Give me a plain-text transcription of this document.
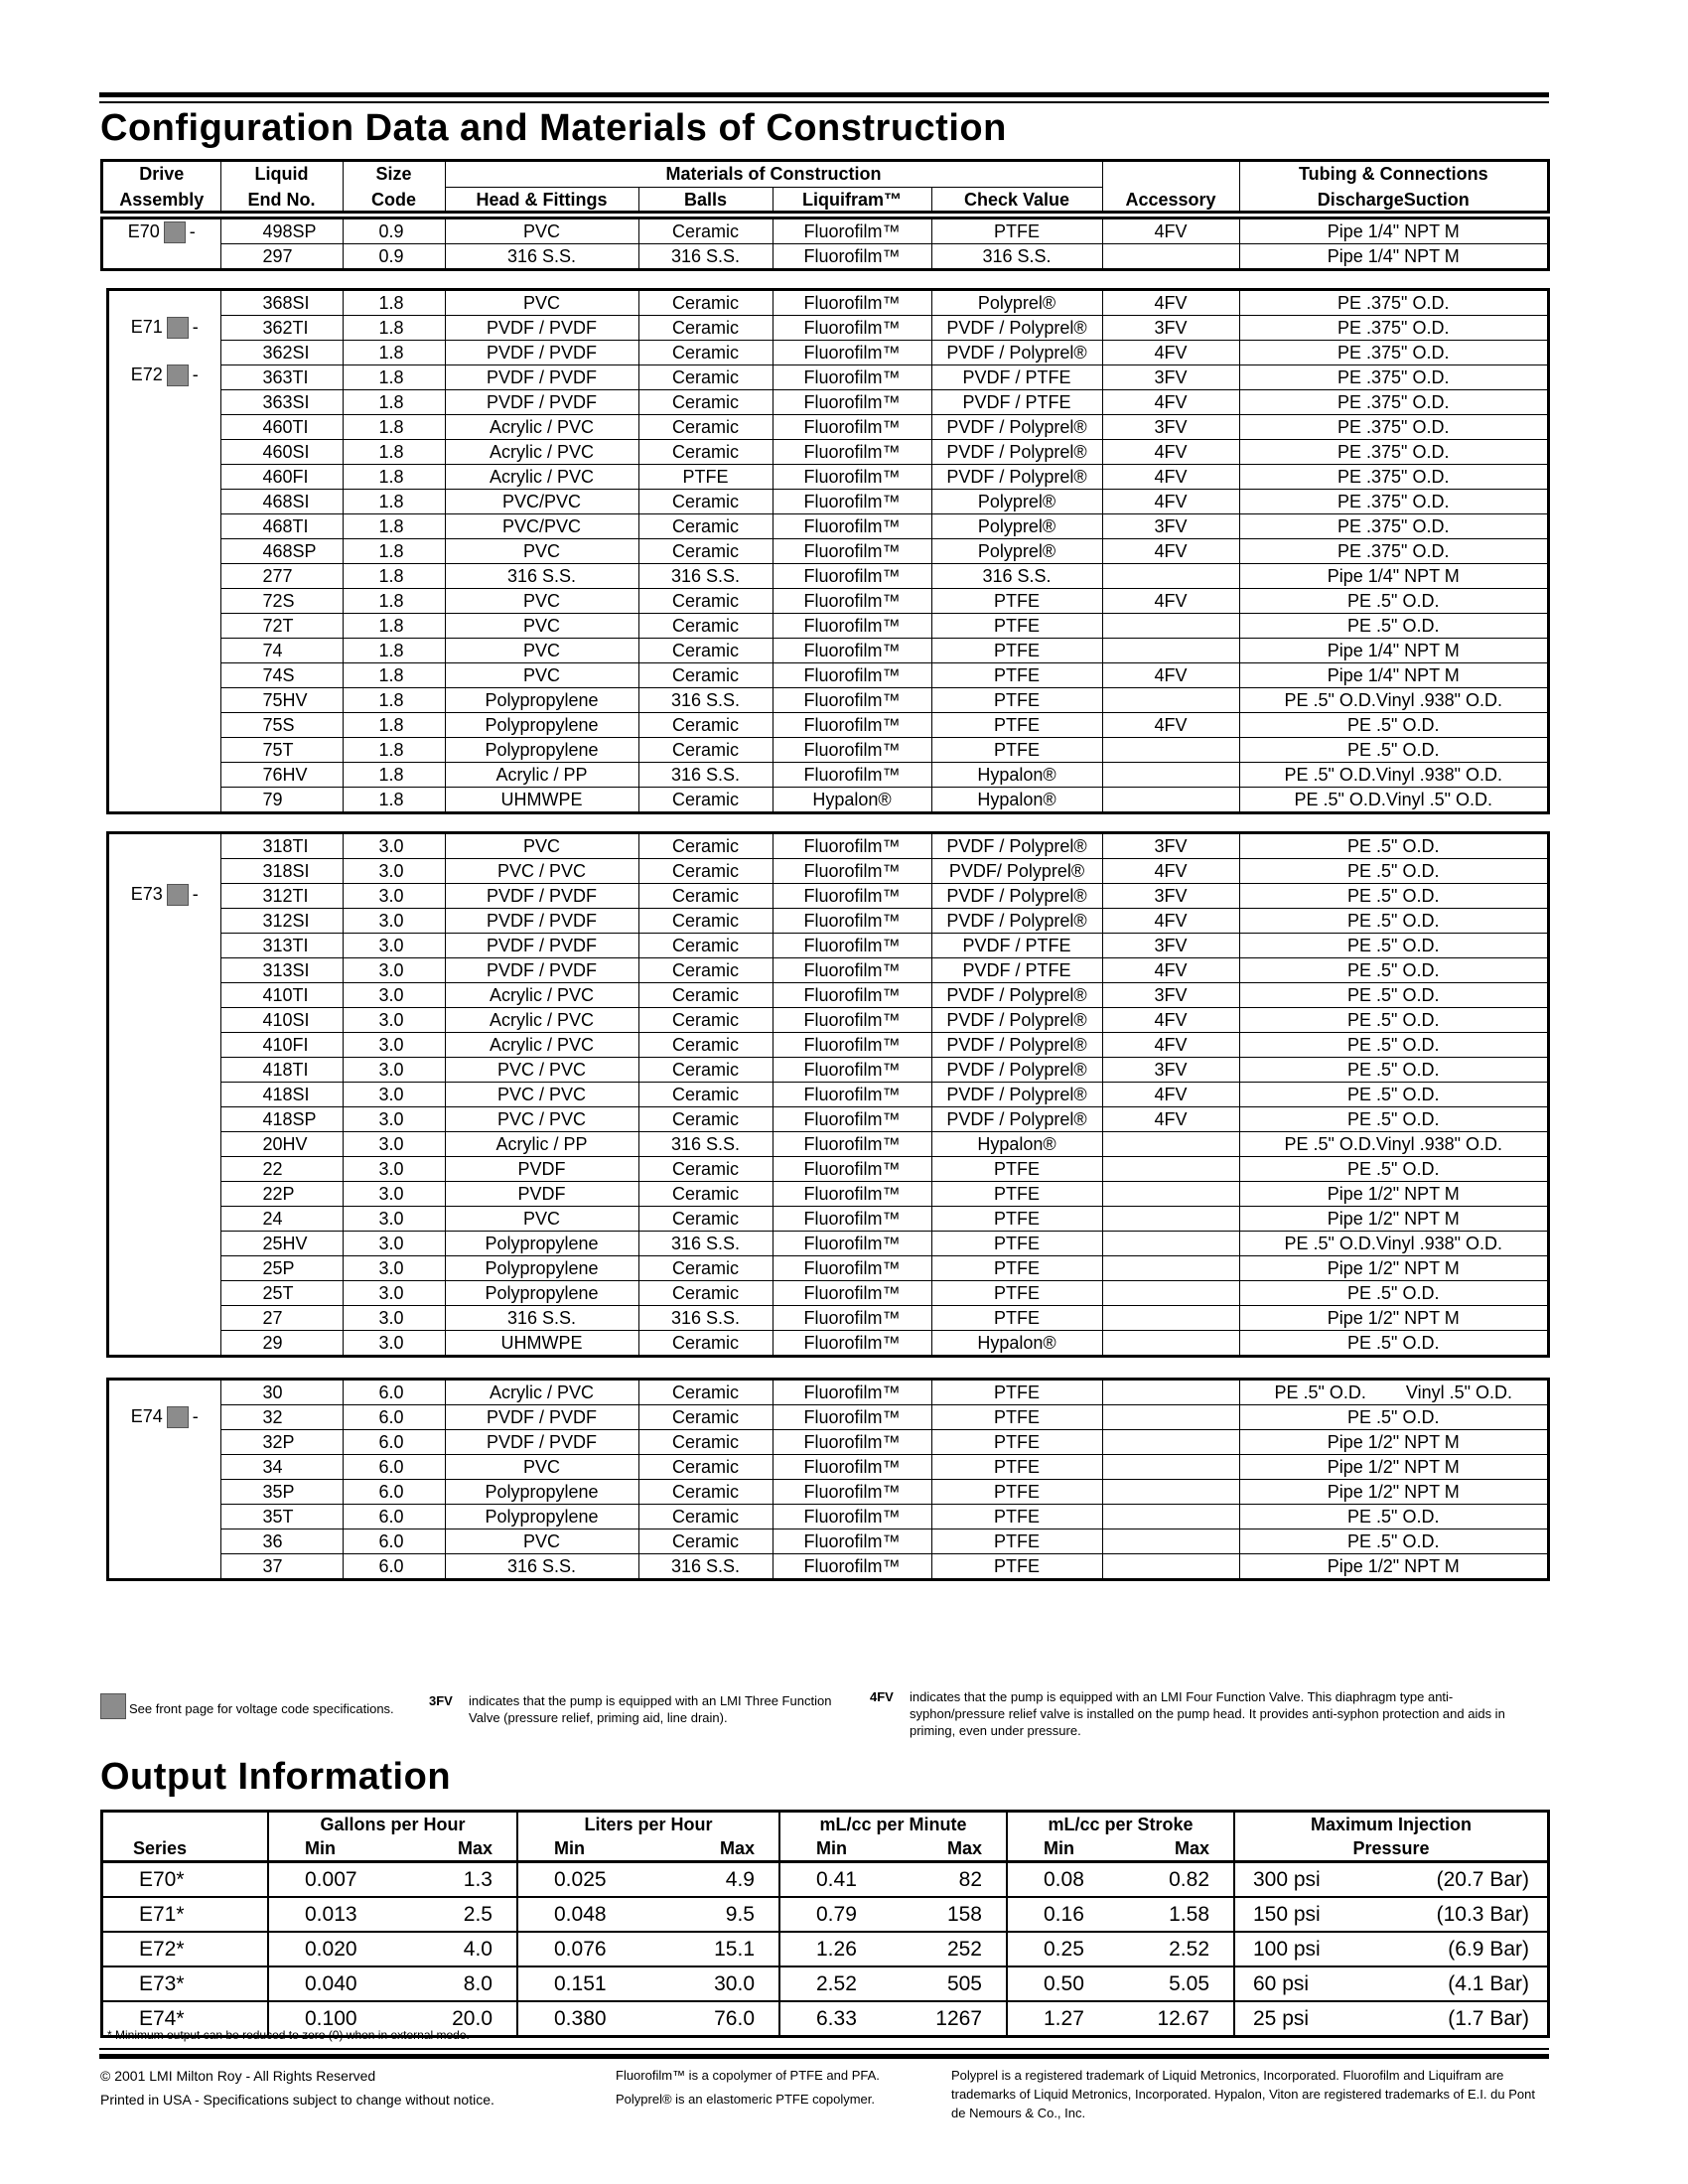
Configuration Data and Materials of Construction
Drive	Liquid	Size	Materials of Construction					Tubing & Connections
Assembly	End No.	Code	Head & Fittings	Balls	Liquifram™	Check Value	Accessory	DischargeSuction
E70 -	498SP	0.9	PVC	Ceramic	Fluorofilm™	PTFE	4FV	Pipe 1/4" NPT M
	297	0.9	316 S.S.	316 S.S.	Fluorofilm™	316 S.S.		Pipe 1/4" NPT M
E71 -
E72 -	368SI	1.8	PVC	Ceramic	Fluorofilm™	Polyprel®	4FV	PE .375" O.D.
	362TI	1.8	PVDF / PVDF	Ceramic	Fluorofilm™	PVDF / Polyprel®	3FV	PE .375" O.D.
	362SI	1.8	PVDF / PVDF	Ceramic	Fluorofilm™	PVDF / Polyprel®	4FV	PE .375" O.D.
	363TI	1.8	PVDF / PVDF	Ceramic	Fluorofilm™	PVDF / PTFE	3FV	PE .375" O.D.
	363SI	1.8	PVDF / PVDF	Ceramic	Fluorofilm™	PVDF / PTFE	4FV	PE .375" O.D.
	460TI	1.8	Acrylic / PVC	Ceramic	Fluorofilm™	PVDF / Polyprel®	3FV	PE .375" O.D.
	460SI	1.8	Acrylic / PVC	Ceramic	Fluorofilm™	PVDF / Polyprel®	4FV	PE .375" O.D.
	460FI	1.8	Acrylic / PVC	PTFE	Fluorofilm™	PVDF / Polyprel®	4FV	PE .375" O.D.
	468SI	1.8	PVC/PVC	Ceramic	Fluorofilm™	Polyprel®	4FV	PE .375" O.D.
	468TI	1.8	PVC/PVC	Ceramic	Fluorofilm™	Polyprel®	3FV	PE .375" O.D.
	468SP	1.8	PVC	Ceramic	Fluorofilm™	Polyprel®	4FV	PE .375" O.D.
	277	1.8	316 S.S.	316 S.S.	Fluorofilm™	316 S.S.		Pipe 1/4" NPT M
	72S	1.8	PVC	Ceramic	Fluorofilm™	PTFE	4FV	PE .5" O.D.
	72T	1.8	PVC	Ceramic	Fluorofilm™	PTFE		PE .5" O.D.
	74	1.8	PVC	Ceramic	Fluorofilm™	PTFE		Pipe 1/4" NPT M
	74S	1.8	PVC	Ceramic	Fluorofilm™	PTFE	4FV	Pipe 1/4" NPT M
	75HV	1.8	Polypropylene	316 S.S.	Fluorofilm™	PTFE		PE .5" O.D.Vinyl .938" O.D.
	75S	1.8	Polypropylene	Ceramic	Fluorofilm™	PTFE	4FV	PE .5" O.D.
	75T	1.8	Polypropylene	Ceramic	Fluorofilm™	PTFE		PE .5" O.D.
	76HV	1.8	Acrylic / PP	316 S.S.	Fluorofilm™	Hypalon®		PE .5" O.D.Vinyl .938" O.D.
	79	1.8	UHMWPE	Ceramic	Hypalon®	Hypalon®		PE .5" O.D.Vinyl .5" O.D.
E73 -	318TI	3.0	PVC	Ceramic	Fluorofilm™	PVDF / Polyprel®	3FV	PE .5" O.D.
	318SI	3.0	PVC / PVC	Ceramic	Fluorofilm™	PVDF/ Polyprel®	4FV	PE .5" O.D.
	312TI	3.0	PVDF / PVDF	Ceramic	Fluorofilm™	PVDF / Polyprel®	3FV	PE .5" O.D.
	312SI	3.0	PVDF / PVDF	Ceramic	Fluorofilm™	PVDF / Polyprel®	4FV	PE .5" O.D.
	313TI	3.0	PVDF / PVDF	Ceramic	Fluorofilm™	PVDF / PTFE	3FV	PE .5" O.D.
	313SI	3.0	PVDF / PVDF	Ceramic	Fluorofilm™	PVDF / PTFE	4FV	PE .5" O.D.
	410TI	3.0	Acrylic / PVC	Ceramic	Fluorofilm™	PVDF / Polyprel®	3FV	PE .5" O.D.
	410SI	3.0	Acrylic / PVC	Ceramic	Fluorofilm™	PVDF / Polyprel®	4FV	PE .5" O.D.
	410FI	3.0	Acrylic / PVC	Ceramic	Fluorofilm™	PVDF / Polyprel®	4FV	PE .5" O.D.
	418TI	3.0	PVC / PVC	Ceramic	Fluorofilm™	PVDF / Polyprel®	3FV	PE .5" O.D.
	418SI	3.0	PVC / PVC	Ceramic	Fluorofilm™	PVDF / Polyprel®	4FV	PE .5" O.D.
	418SP	3.0	PVC / PVC	Ceramic	Fluorofilm™	PVDF / Polyprel®	4FV	PE .5" O.D.
	20HV	3.0	Acrylic / PP	316 S.S.	Fluorofilm™	Hypalon®		PE .5" O.D.Vinyl .938" O.D.
	22	3.0	PVDF	Ceramic	Fluorofilm™	PTFE		PE .5" O.D.
	22P	3.0	PVDF	Ceramic	Fluorofilm™	PTFE		Pipe 1/2" NPT M
	24	3.0	PVC	Ceramic	Fluorofilm™	PTFE		Pipe 1/2" NPT M
	25HV	3.0	Polypropylene	316 S.S.	Fluorofilm™	PTFE		PE .5" O.D.Vinyl .938" O.D.
	25P	3.0	Polypropylene	Ceramic	Fluorofilm™	PTFE		Pipe 1/2" NPT M
	25T	3.0	Polypropylene	Ceramic	Fluorofilm™	PTFE		PE .5" O.D.
	27	3.0	316 S.S.	316 S.S.	Fluorofilm™	PTFE		Pipe 1/2" NPT M
	29	3.0	UHMWPE	Ceramic	Fluorofilm™	Hypalon®		PE .5" O.D.
E74 -	30	6.0	Acrylic / PVC	Ceramic	Fluorofilm™	PTFE		PE .5" O.D.        Vinyl .5" O.D.
	32	6.0	PVDF / PVDF	Ceramic	Fluorofilm™	PTFE		PE .5" O.D.
	32P	6.0	PVDF / PVDF	Ceramic	Fluorofilm™	PTFE		Pipe 1/2" NPT M
	34	6.0	PVC	Ceramic	Fluorofilm™	PTFE		Pipe 1/2" NPT M
	35P	6.0	Polypropylene	Ceramic	Fluorofilm™	PTFE		Pipe 1/2" NPT M
	35T	6.0	Polypropylene	Ceramic	Fluorofilm™	PTFE		PE .5" O.D.
	36	6.0	PVC	Ceramic	Fluorofilm™	PTFE		PE .5" O.D.
	37	6.0	316 S.S.	316 S.S.	Fluorofilm™	PTFE		Pipe 1/2" NPT M
See front page for voltage code specifications.
3FV indicates that the pump is equipped with an LMI Three Function Valve (pressure relief, priming aid, line drain).
4FV indicates that the pump is equipped with an LMI Four Function Valve. This diaphragm type anti-syphon/pressure relief valve is installed on the pump head. It provides anti-syphon protection and aids in priming, even under pressure.
Output Information
	Gallons per Hour		Liters per Hour		mL/cc per Minute		mL/cc per Stroke		Maximum Injection
Series	Min	Max	Min	Max	Min	Max	Min	Max	Pressure
E70*	0.007	1.3	0.025	4.9	0.41	82	0.08	0.82	300 psi (20.7 Bar)

E71*	0.013	2.5	0.048	9.5	0.79	158	0.16	1.58	150 psi (10.3 Bar)

E72*	0.020	4.0	0.076	15.1	1.26	252	0.25	2.52	100 psi (6.9 Bar)

E73*	0.040	8.0	0.151	30.0	2.52	505	0.50	5.05	60 psi (4.1 Bar)

E74*	0.100	20.0	0.380	76.0	6.33	1267	1.27	12.67	25 psi (1.7 Bar)
* Minimum output can be reduced to zero (0) when in external mode.
© 2001 LMI Milton Roy - All Rights Reserved
Printed in USA - Specifications subject to change without notice.
Fluorofilm™ is a copolymer of PTFE and PFA.
Polyprel® is an elastomeric PTFE copolymer.
Polyprel is a registered trademark of Liquid Metronics, Incorporated. Fluorofilm and Liquifram are trademarks of Liquid Metronics, Incorporated. Hypalon, Viton are registered trademarks of E.I. du Pont de Nemours & Co., Inc.
